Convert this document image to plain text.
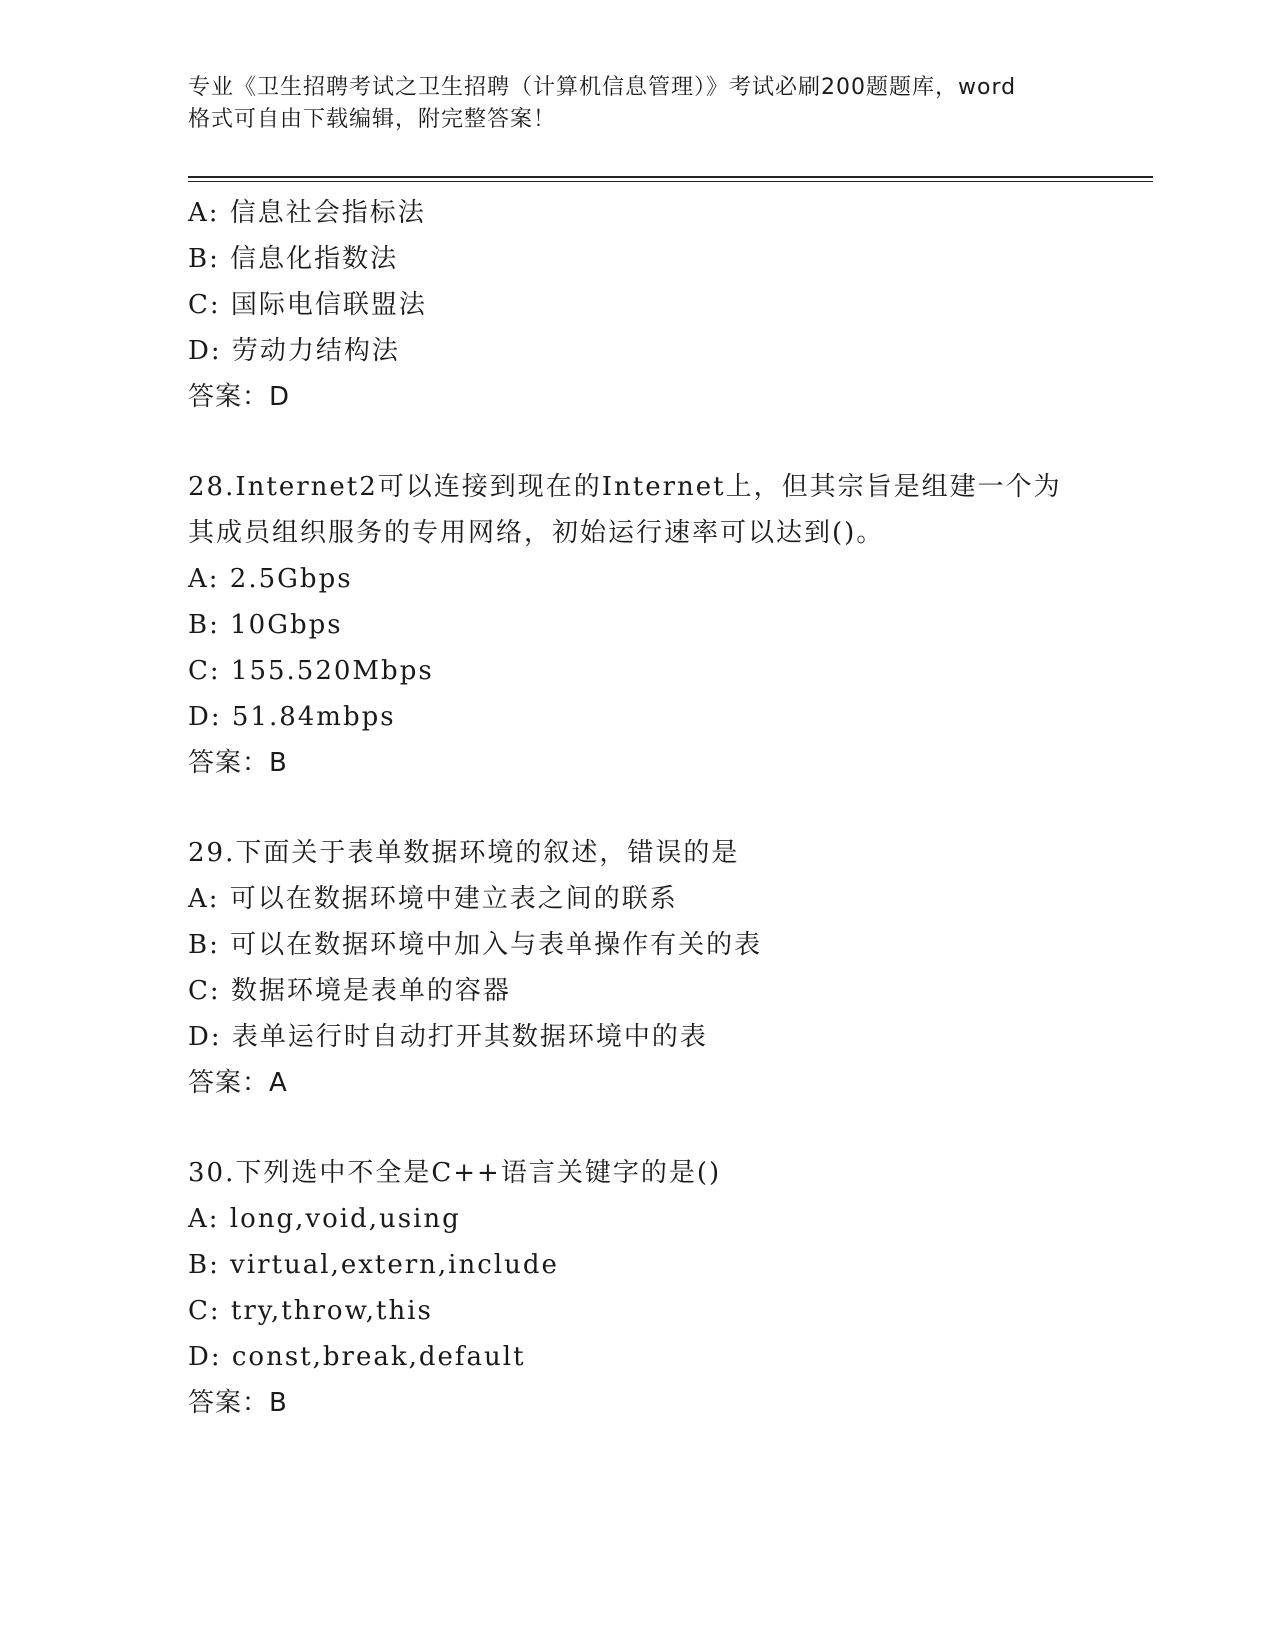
专业《卫生招聘考试之卫生招聘（计算机信息管理）》考试必刷200题题库，word
格式可自由下载编辑，附完整答案！
A: 信息社会指标法
B: 信息化指数法
C: 国际电信联盟法
D: 劳动力结构法
答案：D
28.Internet2可以连接到现在的Internet上，但其宗旨是组建一个为
其成员组织服务的专用网络，初始运行速率可以达到()。
A: 2.5Gbps
B: 10Gbps
C: 155.520Mbps
D: 51.84mbps
答案：B
29.下面关于表单数据环境的叙述，错误的是
A: 可以在数据环境中建立表之间的联系
B: 可以在数据环境中加入与表单操作有关的表
C: 数据环境是表单的容器
D: 表单运行时自动打开其数据环境中的表
答案：A
30.下列选中不全是C++语言关键字的是()
A: long,void,using
B: virtual,extern,include
C: try,throw,this
D: const,break,default
答案：B
